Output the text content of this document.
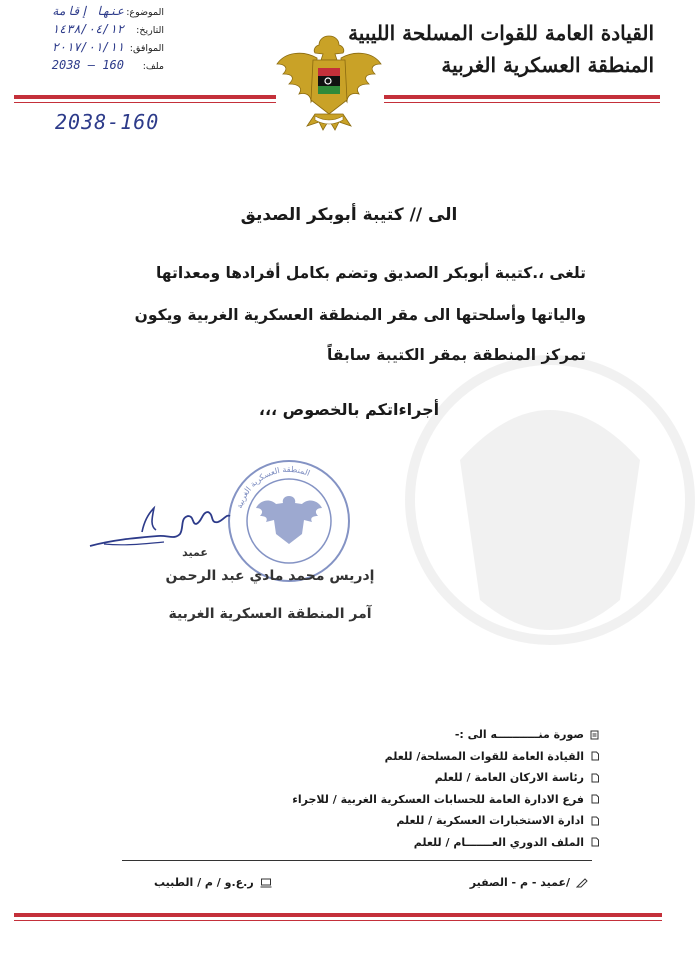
القيادة العامة للقوات المسلحة الليبية
المنطقة العسكرية الغربية
الموضوع:
عنها إقامة
التاريخ:
١٤٣٨/٠٤/١٢
الموافق:
٢٠١٧/٠١/١١
ملف:
2038 – 160
2038-160
الى // كتيبة أبوبكر الصديق
تلغى ،.كتيبة أبوبكر الصديق وتضم بكامل أفرادها ومعداتها
والياتها وأسلحتها الى مقر المنطقة العسكرية الغربية ويكون
تمركز المنطقة بمقر الكتيبة سابقاً
أجراءاتكم بالخصوص ،،،
المنطقة العسكرية الغربية
عميد
إدريس محمد مادي عبد الرحمن
آمر المنطقة العسكرية الغربية
صورة منـــــــــــه الى :-
القيادة العامة للقوات المسلحة/ للعلم
رئاسة الاركان العامة / للعلم
فرع الادارة العامة للحسابات العسكرية الغربية / للاجراء
ادارة الاستخبارات العسكرية / للعلم
الملف الدوري العـــــــام / للعلم
ر.ع.و / م / الطبيب	/عميد - م - الصفير
